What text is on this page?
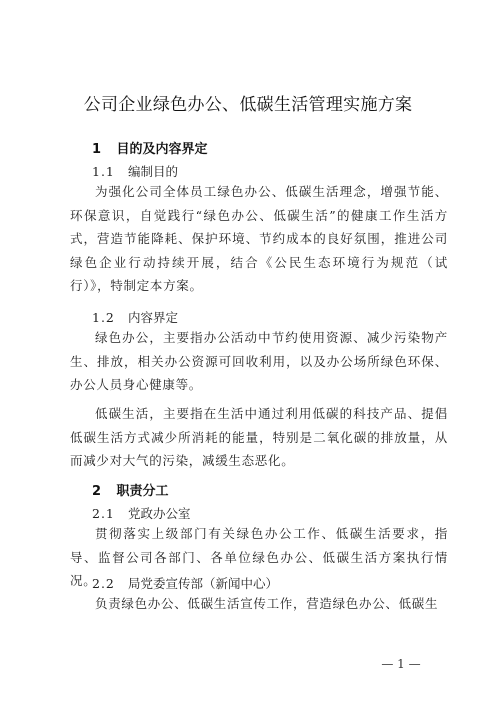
公司企业绿色办公、低碳生活管理实施方案
1 目的及内容界定
1.1 编制目的

为强化公司全体员工绿色办公、低碳生活理念，增强节能、环保意识，自觉践行“绿色办公、低碳生活”的健康工作生活方式，营造节能降耗、保护环境、节约成本的良好氛围，推进公司绿色企业行动持续开展，结合《公民生态环境行为规范（试行）》，特制定本方案。

1.2 内容界定

绿色办公，主要指办公活动中节约使用资源、减少污染物产生、排放，相关办公资源可回收利用，以及办公场所绿色环保、办公人员身心健康等。

低碳生活，主要指在生活中通过利用低碳的科技产品、提倡低碳生活方式减少所消耗的能量，特别是二氧化碳的排放量，从而减少对大气的污染，减缓生态恶化。

2 职责分工
2.1 党政办公室

贯彻落实上级部门有关绿色办公工作、低碳生活要求，指导、监督公司各部门、各单位绿色办公、低碳生活方案执行情况。

2.2 局党委宣传部（新闻中心）

负责绿色办公、低碳生活宣传工作，营造绿色办公、低碳生

— 1 —
